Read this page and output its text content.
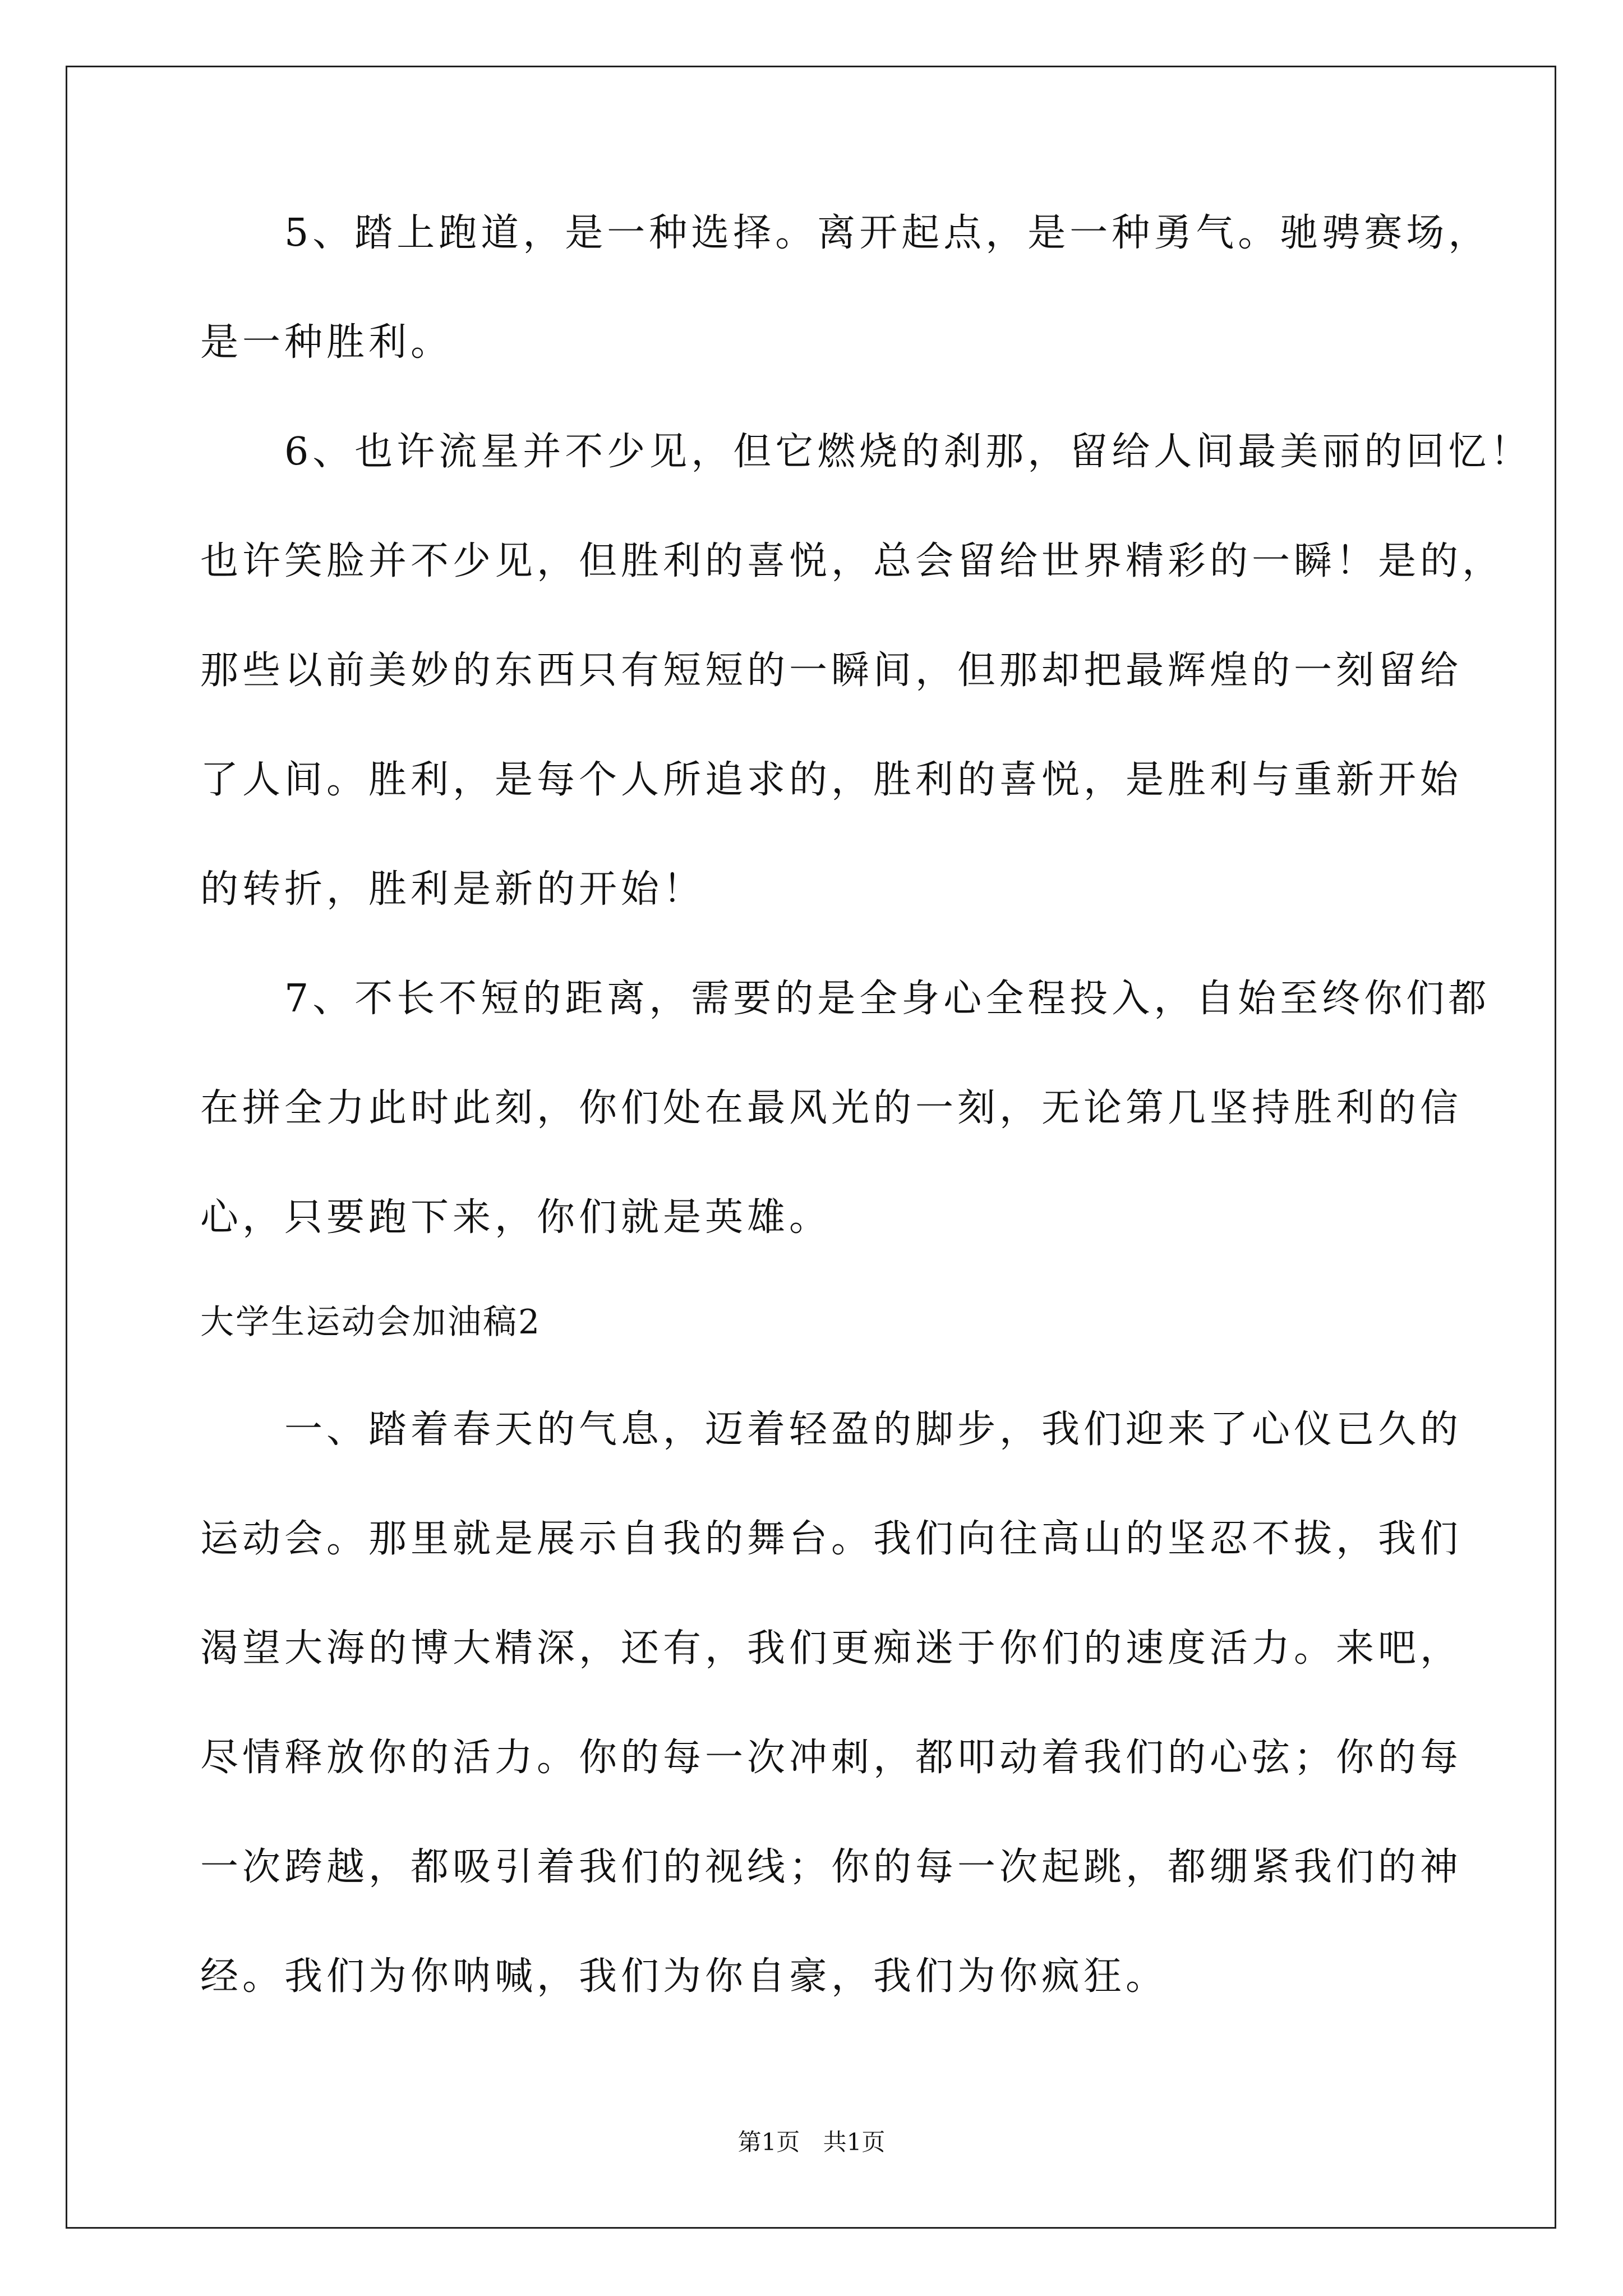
　　5、踏上跑道，是一种选择。离开起点，是一种勇气。驰骋赛场，
是一种胜利。
　　6、也许流星并不少见，但它燃烧的刹那，留给人间最美丽的回忆！
也许笑脸并不少见，但胜利的喜悦，总会留给世界精彩的一瞬！是的，
那些以前美妙的东西只有短短的一瞬间，但那却把最辉煌的一刻留给
了人间。胜利，是每个人所追求的，胜利的喜悦，是胜利与重新开始
的转折，胜利是新的开始！
　　7、不长不短的距离，需要的是全身心全程投入，自始至终你们都
在拼全力此时此刻，你们处在最风光的一刻，无论第几坚持胜利的信
心，只要跑下来，你们就是英雄。
大学生运动会加油稿2
　　一、踏着春天的气息，迈着轻盈的脚步，我们迎来了心仪已久的
运动会。那里就是展示自我的舞台。我们向往高山的坚忍不拔，我们
渴望大海的博大精深，还有，我们更痴迷于你们的速度活力。来吧，
尽情释放你的活力。你的每一次冲刺，都叩动着我们的心弦；你的每
一次跨越，都吸引着我们的视线；你的每一次起跳，都绷紧我们的神
经。我们为你呐喊，我们为你自豪，我们为你疯狂。
第1页 共1页
